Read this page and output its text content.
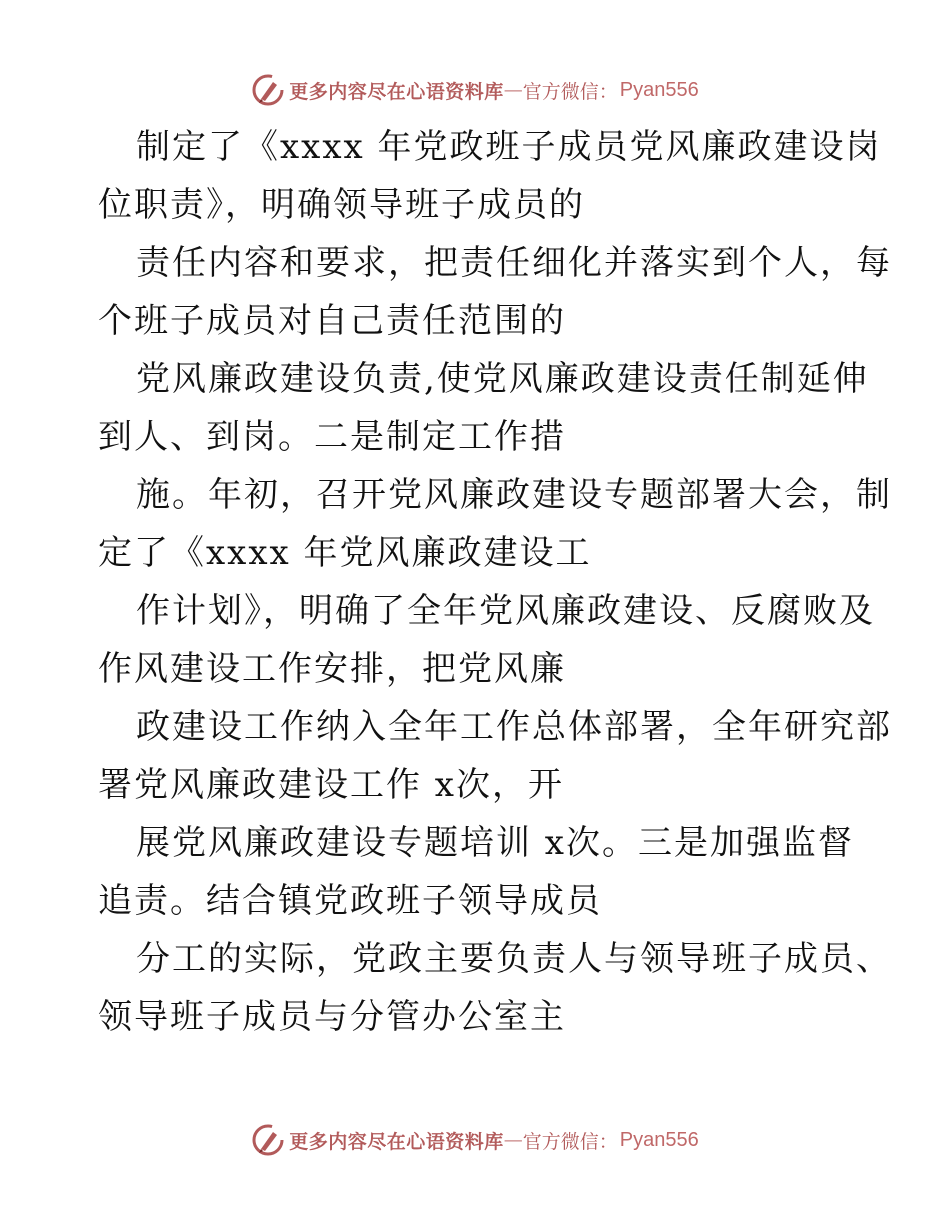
更多内容尽在心语资料库 — 官方微信： Pyan556
制定了《xxxx 年党政班子成员党风廉政建设岗
位职责》，明确领导班子成员的
责任内容和要求，把责任细化并落实到个人，每
个班子成员对自己责任范围的
党风廉政建设负责,使党风廉政建设责任制延伸
到人、到岗。二是制定工作措
施。年初，召开党风廉政建设专题部署大会，制
定了《xxxx 年党风廉政建设工
作计划》，明确了全年党风廉政建设、反腐败及
作风建设工作安排，把党风廉
政建设工作纳入全年工作总体部署，全年研究部
署党风廉政建设工作 x次，开
展党风廉政建设专题培训 x次。三是加强监督
追责。结合镇党政班子领导成员
分工的实际，党政主要负责人与领导班子成员、
领导班子成员与分管办公室主
更多内容尽在心语资料库 — 官方微信： Pyan556
